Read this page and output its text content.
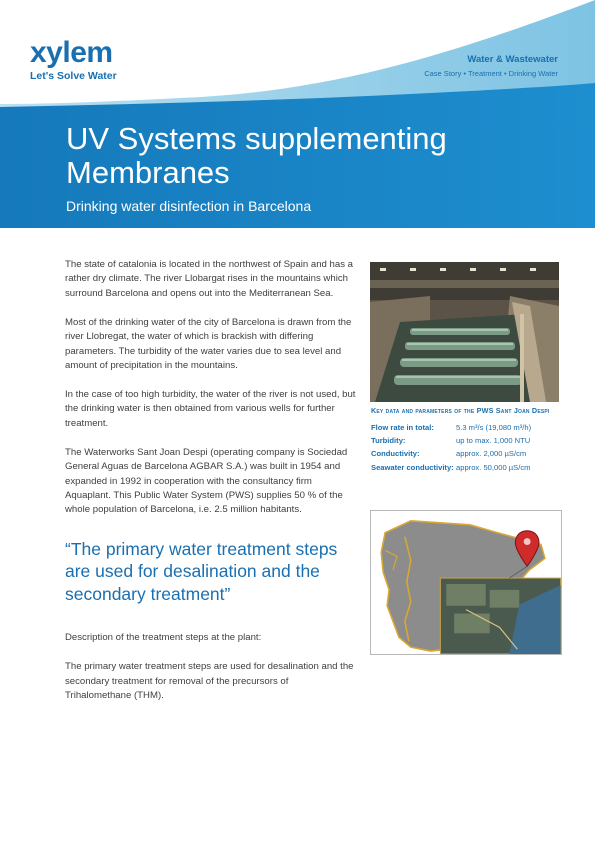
xylem
Let's Solve Water
Water & Wastewater
Case Story • Treatment • Drinking Water
UV Systems supplementing Membranes
Drinking water disinfection in Barcelona

The state of catalonia is located in the northwest of Spain and has a rather dry climate. The river Llobargat rises in the mountains which surround Barcelona and opens out into the Mediterranean Sea.

Most of the drinking water of the city of Barcelona is drawn from the river Llobregat, the water of which is brackish with differing parameters. The turbidity of the water varies due to sea level and amount of precipitation in the mountains.

In the case of too high turbidity, the water of the river is not used, but the drinking water is then obtained from various wells for further treatment.

The Waterworks Sant Joan Despi (operating company is Sociedad General Aguas de Barcelona AGBAR S.A.) was built in 1954 and expanded in 1992 in cooperation with the consultancy firm Aquaplant. This Public Water System (PWS) supplies 50 % of the whole population of Barcelona, i.e. 2.5 million habitants.

“The primary water treatment steps are used for desalination and the secondary treatment”

Description of the treatment steps at the plant:

The primary water treatment steps are used for desalination and the secondary treatment for removal of the precursors of Trihalomethane (THM).

Key data and parameters of the PWS Sant Joan Despi
Flow rate in total:	5.3 m³/s (19,080 m³/h)
Turbidity:	up to max. 1,000 NTU
Conductivity:	approx. 2,000 µS/cm
Seawater conductivity: approx. 50,000 µS/cm
